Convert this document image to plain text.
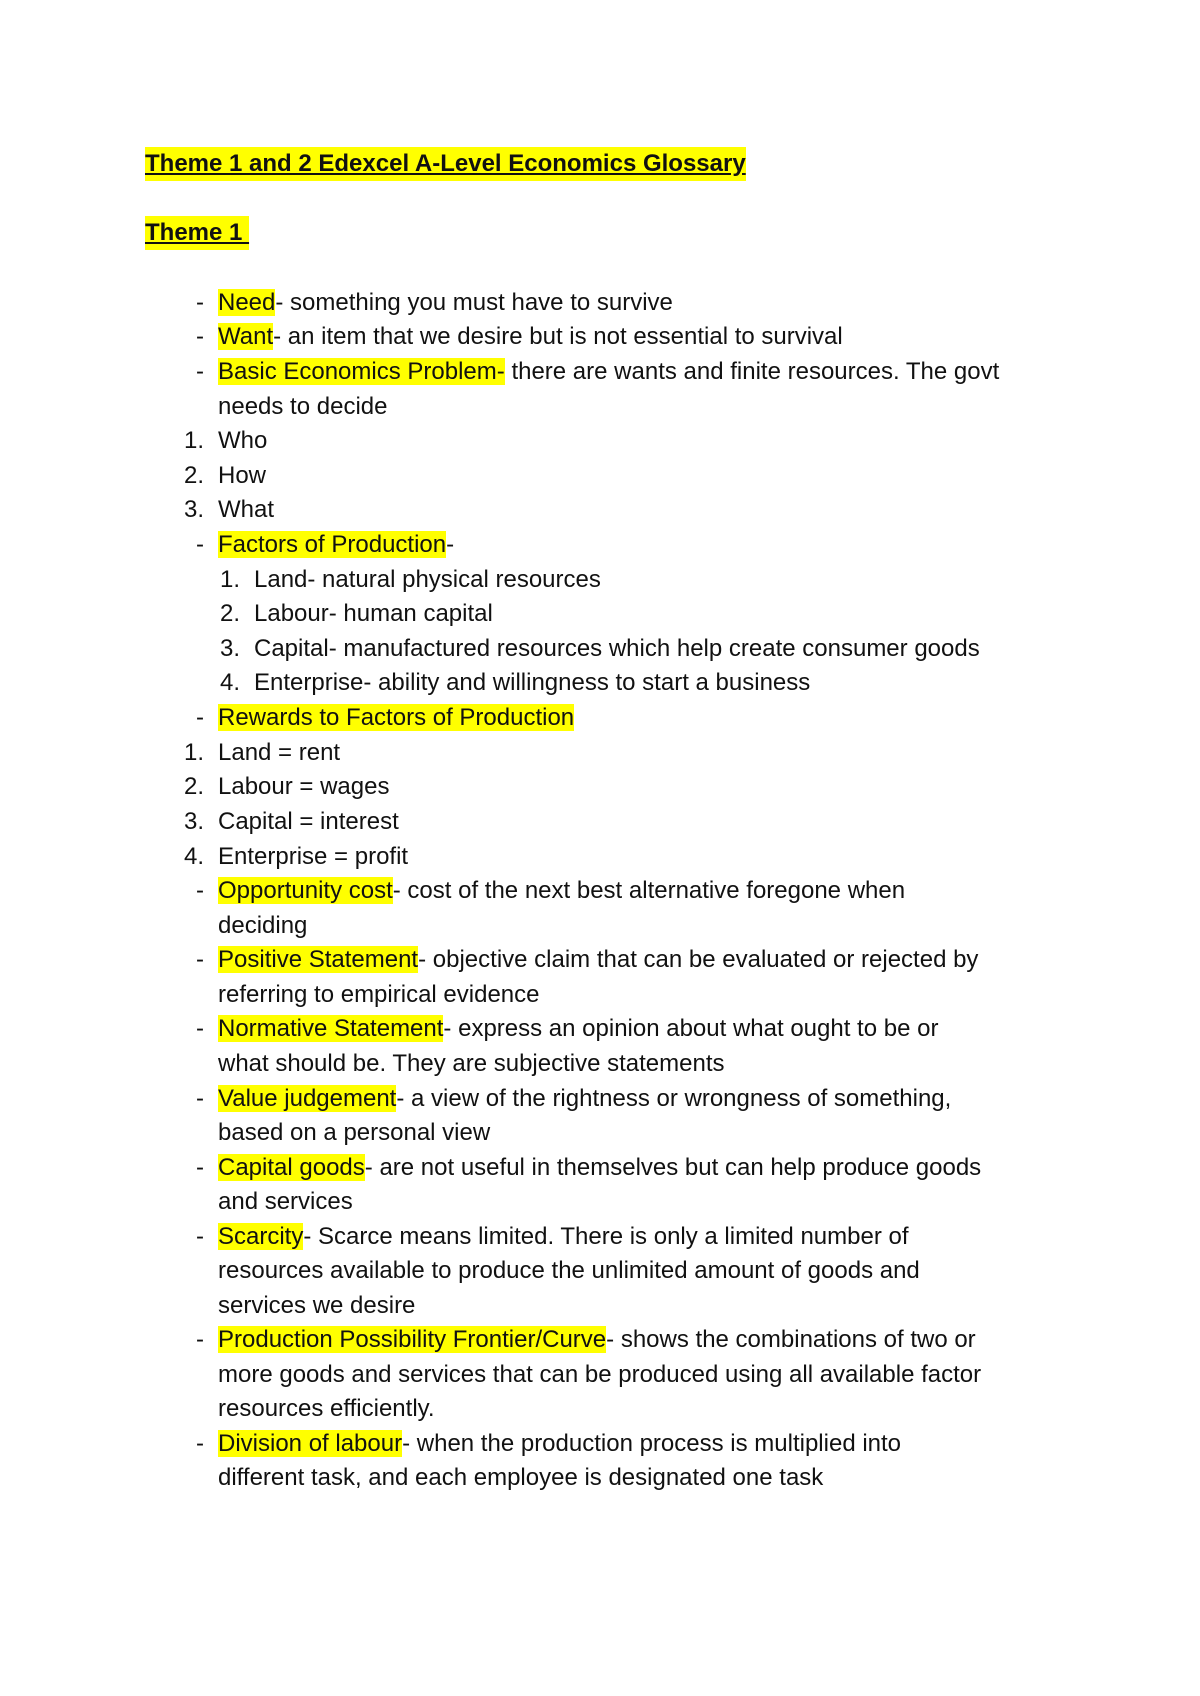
Theme 1 and 2 Edexcel A-Level Economics Glossary
Theme 1
- Need- something you must have to survive
- Want- an item that we desire but is not essential to survival
- Basic Economics Problem- there are wants and finite resources. The govt
needs to decide
1. Who
2. How
3. What
- Factors of Production-
1. Land- natural physical resources
2. Labour- human capital
3. Capital- manufactured resources which help create consumer goods
4. Enterprise- ability and willingness to start a business
- Rewards to Factors of Production
1. Land = rent
2. Labour = wages
3. Capital = interest
4. Enterprise = profit
- Opportunity cost- cost of the next best alternative foregone when
deciding
- Positive Statement- objective claim that can be evaluated or rejected by
referring to empirical evidence
- Normative Statement- express an opinion about what ought to be or
what should be. They are subjective statements
- Value judgement- a view of the rightness or wrongness of something,
based on a personal view
- Capital goods- are not useful in themselves but can help produce goods
and services
- Scarcity- Scarce means limited. There is only a limited number of
resources available to produce the unlimited amount of goods and
services we desire
- Production Possibility Frontier/Curve- shows the combinations of two or
more goods and services that can be produced using all available factor
resources efficiently.
- Division of labour- when the production process is multiplied into
different task, and each employee is designated one task
